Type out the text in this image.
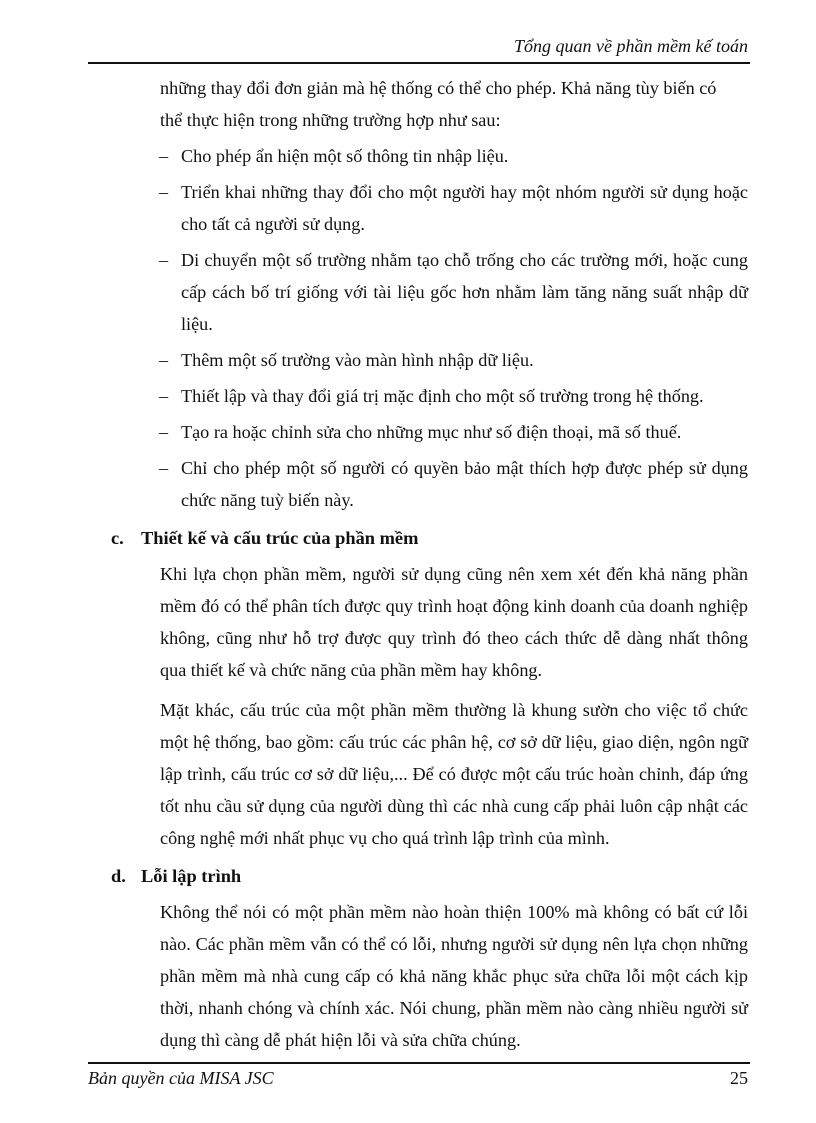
Tổng quan về phần mềm kế toán
những thay đổi đơn giản mà hệ thống có thể cho phép. Khả năng tùy biến có
thể thực hiện trong những trường hợp như sau:
– Cho phép ẩn hiện một số thông tin nhập liệu.
– Triển khai những thay đổi cho một người hay một nhóm người sử dụng hoặc cho tất cả người sử dụng.
– Di chuyển một số trường nhằm tạo chỗ trống cho các trường mới, hoặc cung cấp cách bố trí giống với tài liệu gốc hơn nhằm làm tăng năng suất nhập dữ liệu.
– Thêm một số trường vào màn hình nhập dữ liệu.
– Thiết lập và thay đổi giá trị mặc định cho một số trường trong hệ thống.
– Tạo ra hoặc chỉnh sửa cho những mục như số điện thoại, mã số thuế.
– Chỉ cho phép một số người có quyền bảo mật thích hợp được phép sử dụng chức năng tuỳ biến này.
c. Thiết kế và cấu trúc của phần mềm
Khi lựa chọn phần mềm, người sử dụng cũng nên xem xét đến khả năng phần mềm đó có thể phân tích được quy trình hoạt động kinh doanh của doanh nghiệp không, cũng như hỗ trợ được quy trình đó theo cách thức dễ dàng nhất thông qua thiết kế và chức năng của phần mềm hay không.
Mặt khác, cấu trúc của một phần mềm thường là khung sườn cho việc tổ chức một hệ thống, bao gồm: cấu trúc các phân hệ, cơ sở dữ liệu, giao diện, ngôn ngữ lập trình, cấu trúc cơ sở dữ liệu,... Để có được một cấu trúc hoàn chỉnh, đáp ứng tốt nhu cầu sử dụng của người dùng thì các nhà cung cấp phải luôn cập nhật các công nghệ mới nhất phục vụ cho quá trình lập trình của mình.
d. Lỗi lập trình
Không thể nói có một phần mềm nào hoàn thiện 100% mà không có bất cứ lỗi nào. Các phần mềm vẫn có thể có lỗi, nhưng người sử dụng nên lựa chọn những phần mềm mà nhà cung cấp có khả năng khắc phục sửa chữa lỗi một cách kịp thời, nhanh chóng và chính xác. Nói chung, phần mềm nào càng nhiều người sử dụng thì càng dễ phát hiện lỗi và sửa chữa chúng.
Bản quyền của MISA JSC	25
